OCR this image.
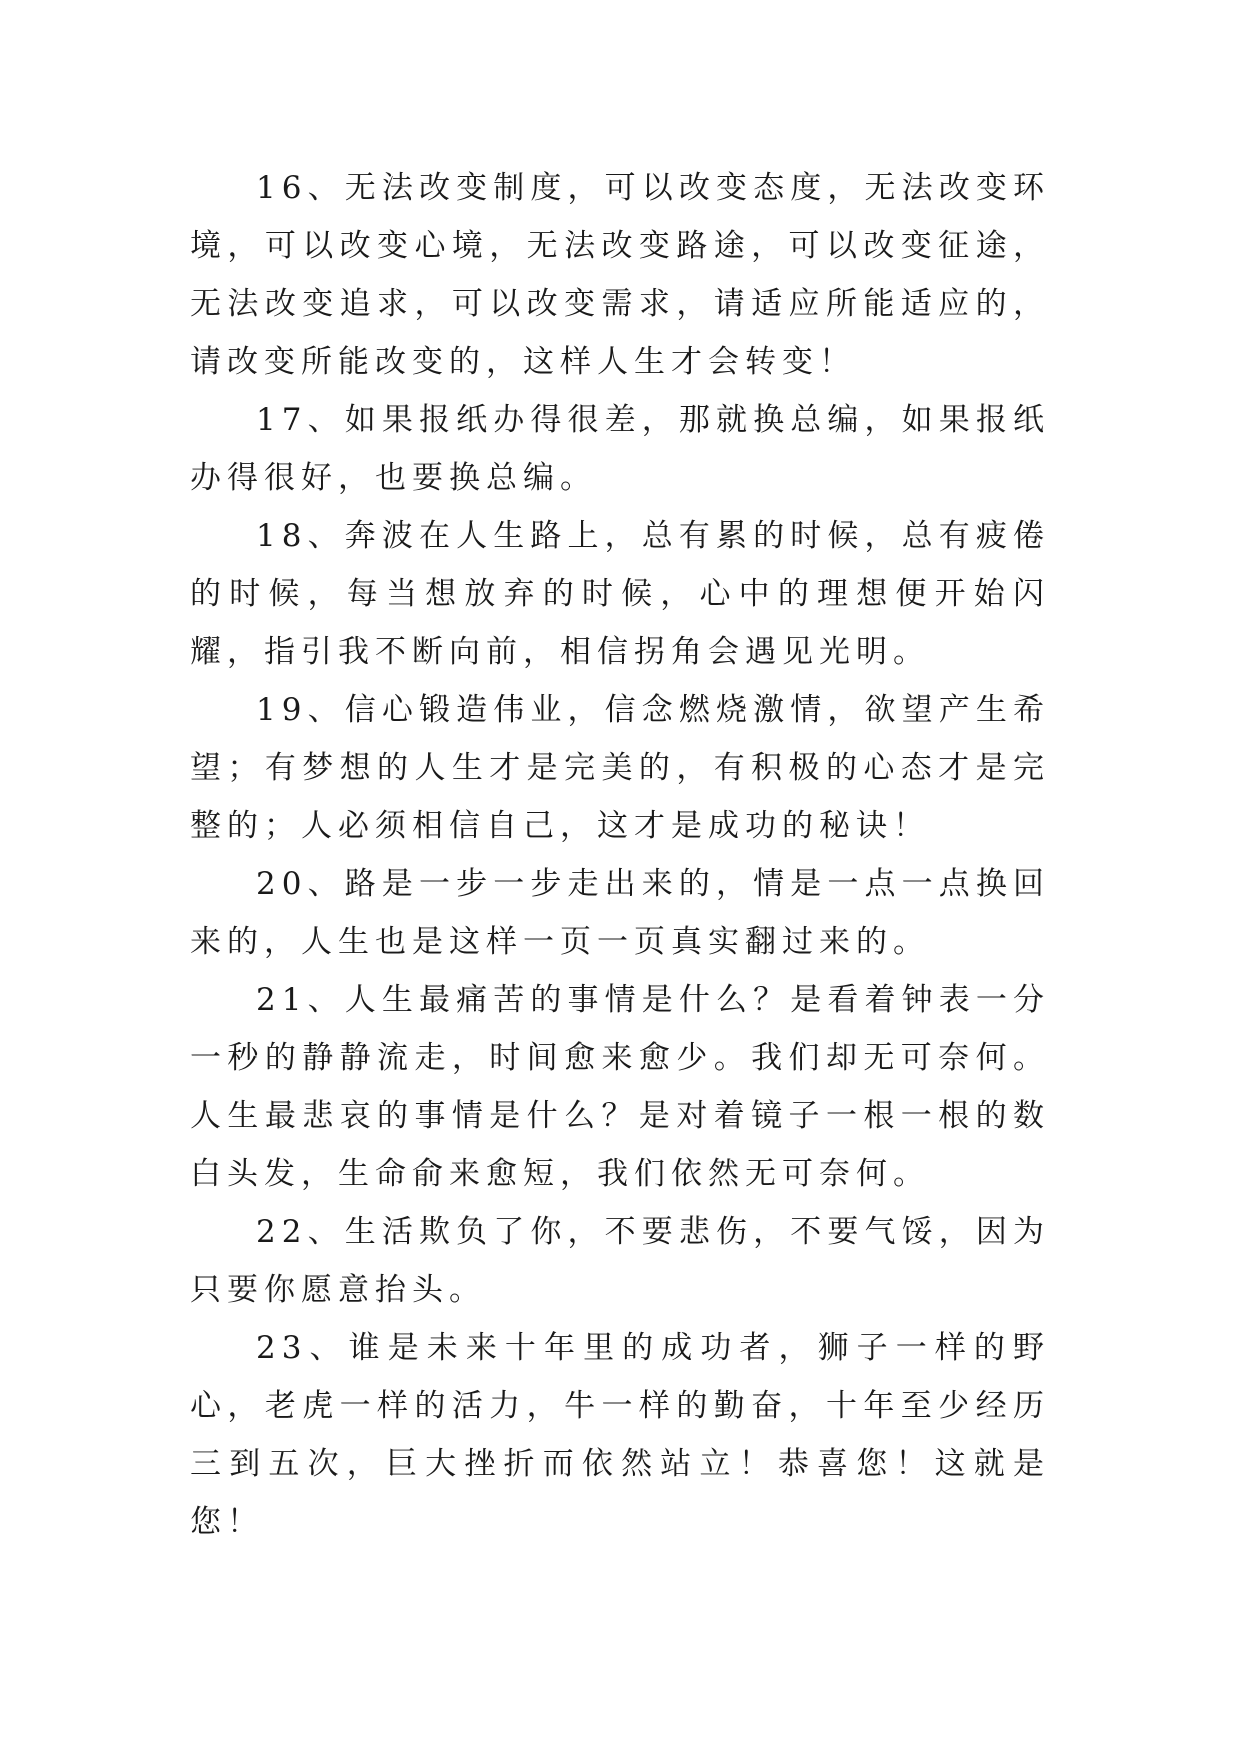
16、无法改变制度，可以改变态度，无法改变环境，可以改变心境，无法改变路途，可以改变征途，无法改变追求，可以改变需求，请适应所能适应的，请改变所能改变的，这样人生才会转变！

17、如果报纸办得很差，那就换总编，如果报纸办得很好，也要换总编。

18、奔波在人生路上，总有累的时候，总有疲倦的时候，每当想放弃的时候，心中的理想便开始闪耀，指引我不断向前，相信拐角会遇见光明。

19、信心锻造伟业，信念燃烧激情，欲望产生希望；有梦想的人生才是完美的，有积极的心态才是完整的；人必须相信自己，这才是成功的秘诀！

20、路是一步一步走出来的，情是一点一点换回来的，人生也是这样一页一页真实翻过来的。

21、人生最痛苦的事情是什么？是看着钟表一分一秒的静静流走，时间愈来愈少。我们却无可奈何。人生最悲哀的事情是什么？是对着镜子一根一根的数白头发，生命俞来愈短，我们依然无可奈何。

22、生活欺负了你，不要悲伤，不要气馁，因为只要你愿意抬头。

23、谁是未来十年里的成功者，狮子一样的野心，老虎一样的活力，牛一样的勤奋，十年至少经历三到五次，巨大挫折而依然站立！恭喜您！这就是您！
